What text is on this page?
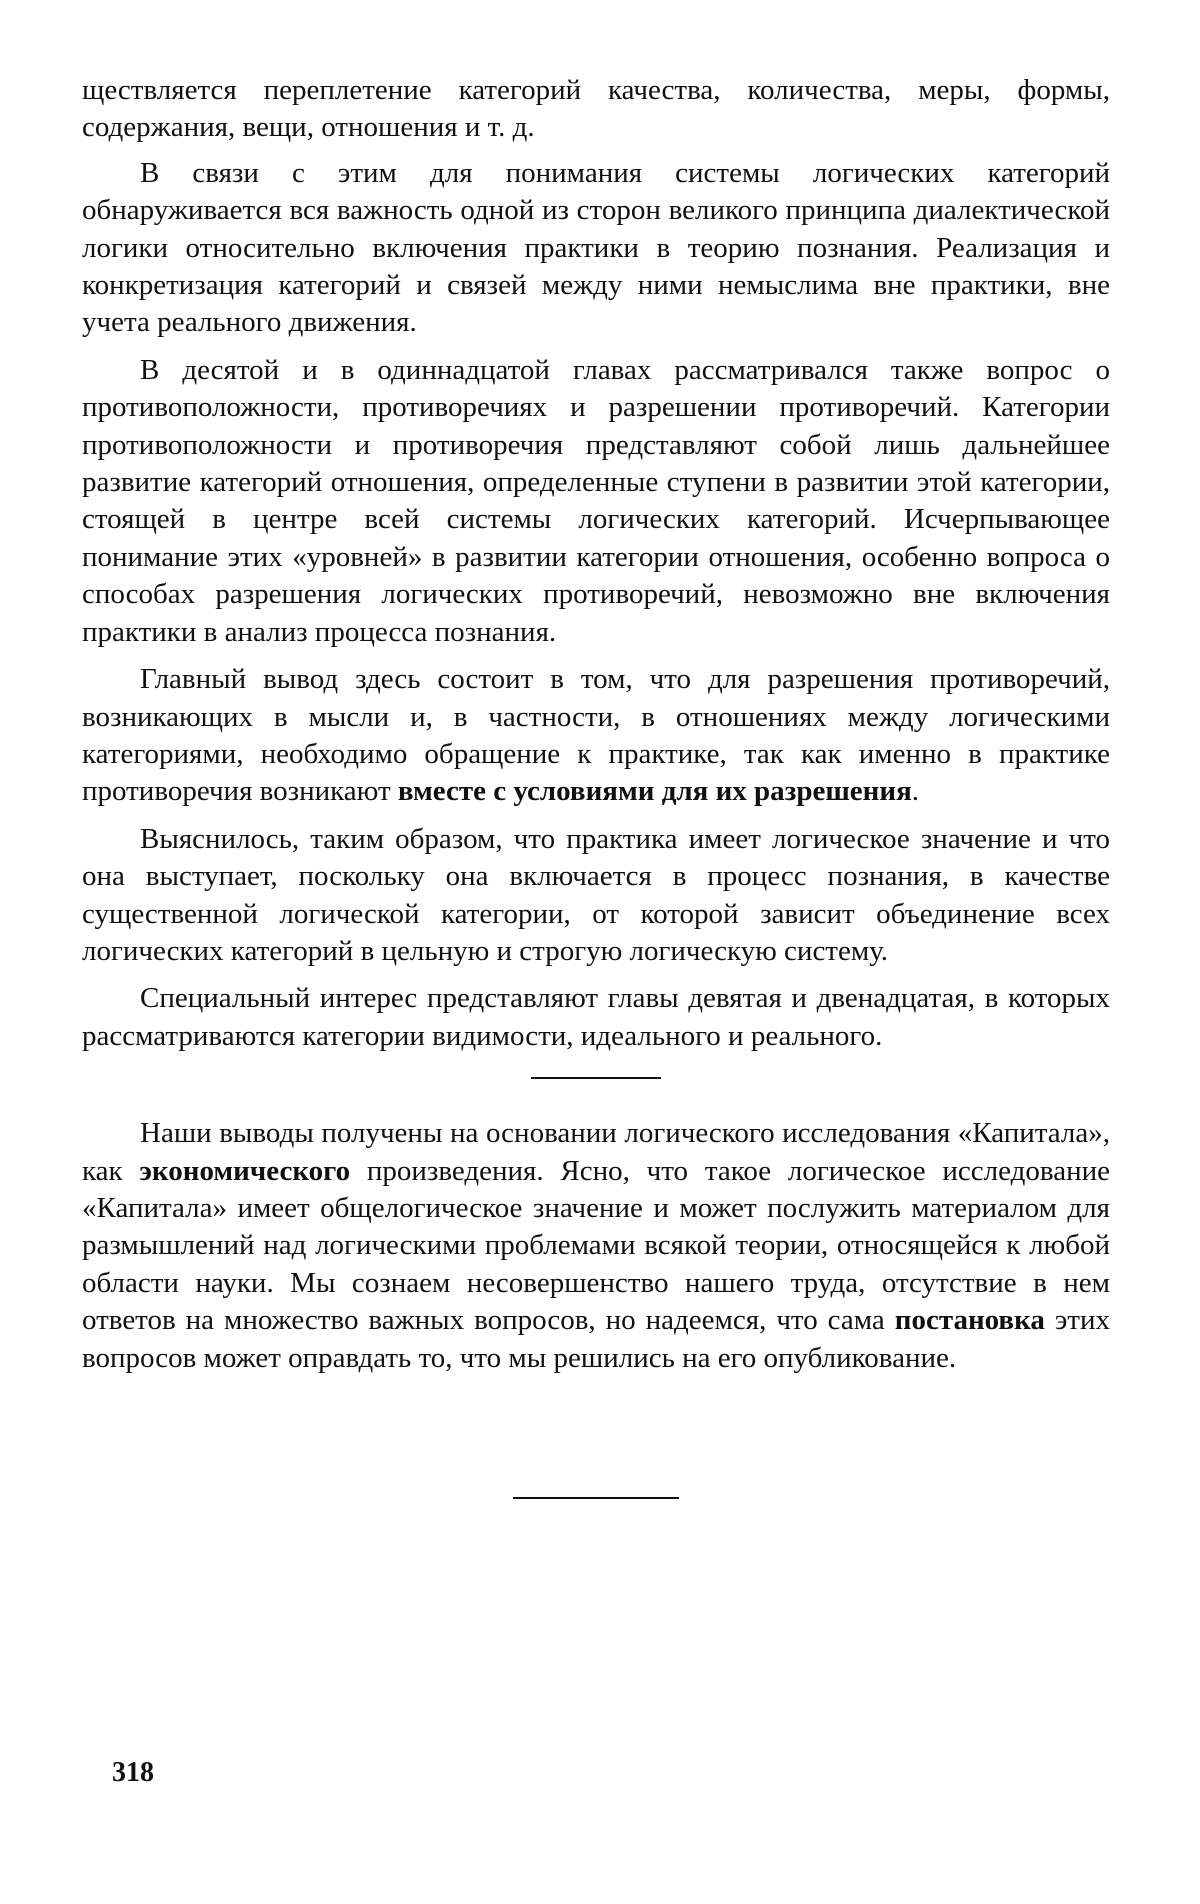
ществляется переплетение категорий качества, количества, меры, формы, содержания, вещи, отношения и т. д.

В связи с этим для понимания системы логических категорий обнаруживается вся важность одной из сторон великого принципа диалектической логики относительно включения практики в теорию познания. Реализация и конкретизация категорий и связей между ними немыслима вне практики, вне учета реального движения.

В десятой и в одиннадцатой главах рассматривался также вопрос о противоположности, противоречиях и разрешении противоречий. Категории противоположности и противоречия представляют собой лишь дальнейшее развитие категорий отношения, определенные ступени в развитии этой категории, стоящей в центре всей системы логических категорий. Исчерпывающее понимание этих «уровней» в развитии категории отношения, особенно вопроса о способах разрешения логических противоречий, невозможно вне включения практики в анализ процесса познания.

Главный вывод здесь состоит в том, что для разрешения противоречий, возникающих в мысли и, в частности, в отношениях между логическими категориями, необходимо обращение к практике, так как именно в практике противоречия возникают вместе с условиями для их разрешения.

Выяснилось, таким образом, что практика имеет логическое значение и что она выступает, поскольку она включается в процесс познания, в качестве существенной логической категории, от которой зависит объединение всех логических категорий в цельную и строгую логическую систему.

Специальный интерес представляют главы девятая и двенадцатая, в которых рассматриваются категории видимости, идеального и реального.

Наши выводы получены на основании логического исследования «Капитала», как экономического произведения. Ясно, что такое логическое исследование «Капитала» имеет общелогическое значение и может послужить материалом для размышлений над логическими проблемами всякой теории, относящейся к любой области науки. Мы сознаем несовершенство нашего труда, отсутствие в нем ответов на множество важных вопросов, но надеемся, что сама постановка этих вопросов может оправдать то, что мы решились на его опубликование.

318
